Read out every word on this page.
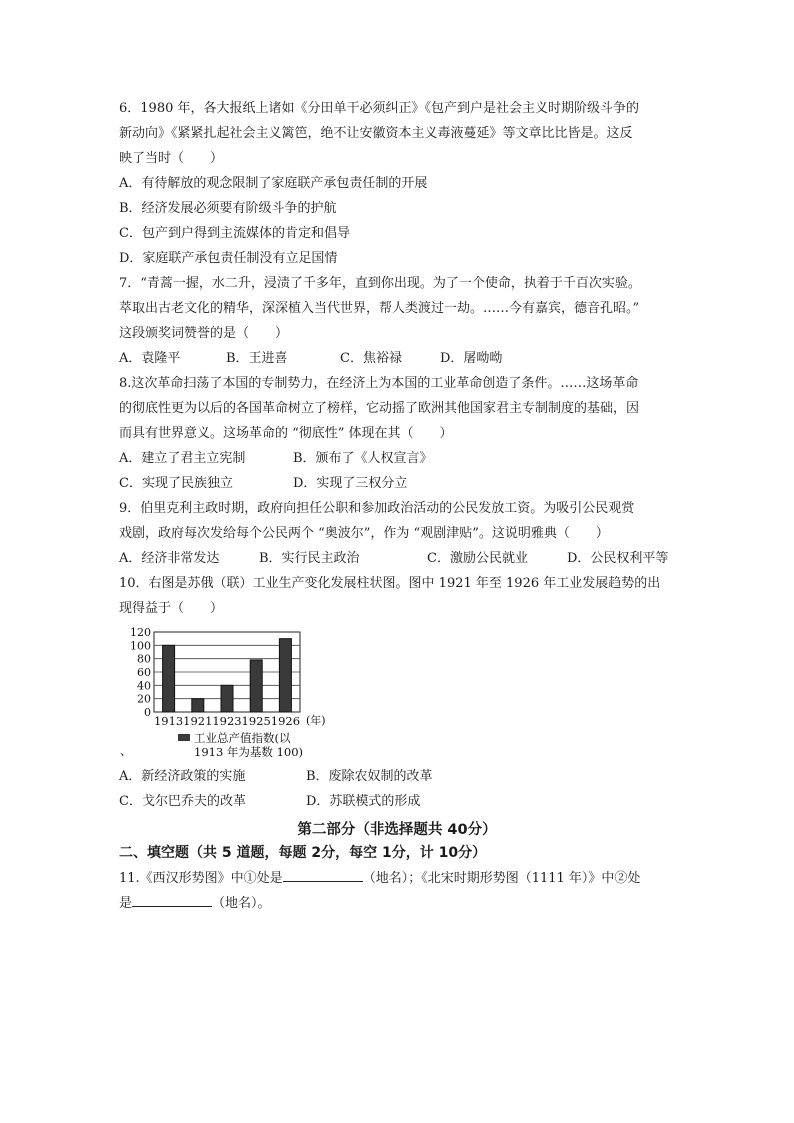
6．1980 年，各大报纸上诸如《分田单干必须纠正》《包产到户是社会主义时期阶级斗争的
新动向》《紧紧扎起社会主义篱笆，绝不让安徽资本主义毒液蔓延》等文章比比皆是。这反
映了当时（　　）
A．有待解放的观念限制了家庭联产承包责任制的开展
B．经济发展必须要有阶级斗争的护航
C．包产到户得到主流媒体的肯定和倡导
D．家庭联产承包责任制没有立足国情
7．“青蒿一握，水二升，浸渍了千多年，直到你出现。为了一个使命，执着于千百次实验。
萃取出古老文化的精华，深深植入当代世界，帮人类渡过一劫。……今有嘉宾，德音孔昭。”
这段颁奖词赞誉的是（　　）
A．袁隆平	B．王进喜	C．焦裕禄	D．屠呦呦
8.这次革命扫荡了本国的专制势力，在经济上为本国的工业革命创造了条件。……这场革命
的彻底性更为以后的各国革命树立了榜样，它动摇了欧洲其他国家君主专制制度的基础，因
而具有世界意义。这场革命的 “彻底性” 体现在其（　　）
A．建立了君主立宪制	B．颁布了《人权宣言》
C．实现了民族独立	D．实现了三权分立
9．伯里克利主政时期，政府向担任公职和参加政治活动的公民发放工资。为吸引公民观赏
戏剧，政府每次发给每个公民两个 “奥波尔”，作为 “观剧津贴”。这说明雅典（　　）
A．经济非常发达	B．实行民主政治	C．激励公民就业	D．公民权利平等
10．右图是苏俄（联）工业生产变化发展柱状图。图中 1921 年至 1926 年工业发展趋势的出
现得益于（　　）
0
20
40
60
80
100
120
1913 1921 1923 1925 1926 (年)
工业总产值指数(以
1913 年为基数 100)
、
A．新经济政策的实施	B．废除农奴制的改革
C．戈尔巴乔夫的改革	D．苏联模式的形成
第二部分（非选择题共 40分）
二、填空题（共 5 道题，每题 2分，每空 1分，计 10分）
11.《西汉形势图》中①处是	（地名）；《北宋时期形势图（1111 年）》中②处
是	（地名）。
